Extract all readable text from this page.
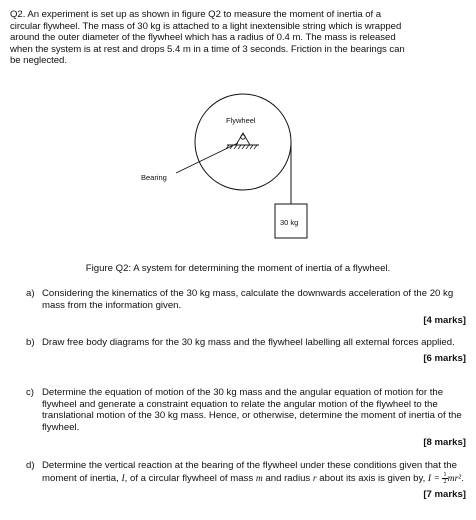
Q2. An experiment is set up as shown in figure Q2 to measure the moment of inertia of a
circular flywheel. The mass of 30 kg is attached to a light inextensible string which is wrapped
around the outer diameter of the flywheel which has a radius of 0.4 m. The mass is released
when the system is at rest and drops 5.4 m in a time of 3 seconds. Friction in the bearings can
be neglected.
Flywheel
Bearing
30 kg
Figure Q2: A system for determining the moment of inertia of a flywheel.
a) Considering the kinematics of the 30 kg mass, calculate the downwards acceleration of the 20 kg mass from the information given.
[4 marks]
b) Draw free body diagrams for the 30 kg mass and the flywheel labelling all external forces applied.
[6 marks]
c) Determine the equation of motion of the 30 kg mass and the angular equation of motion for the flywheel and generate a constraint equation to relate the angular motion of the flywheel to the translational motion of the 30 kg mass. Hence, or otherwise, determine the moment of inertia of the flywheel.
[8 marks]
d) Determine the vertical reaction at the bearing of the flywheel under these conditions given that the moment of inertia, I, of a circular flywheel of mass m and radius r about its axis is given by, $I = \frac{1}{2} mr^2$.
[7 marks]
